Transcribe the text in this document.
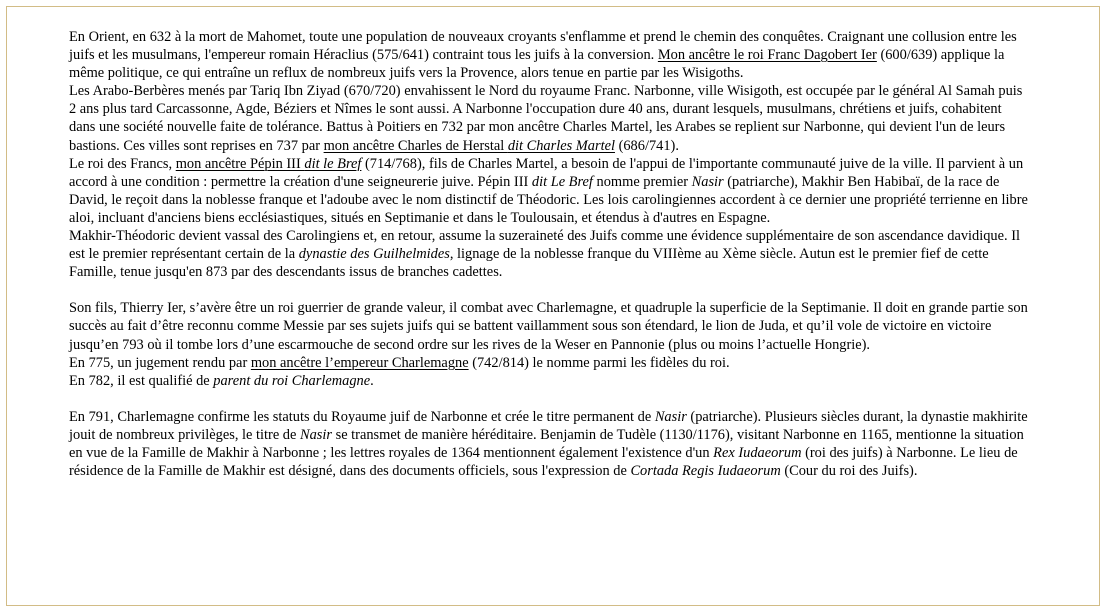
En Orient, en 632 à la mort de Mahomet, toute une population de nouveaux croyants s'enflamme et prend le chemin des conquêtes. Craignant une collusion entre les juifs et les musulmans, l'empereur romain Héraclius (575/641) contraint tous les juifs à la conversion. Mon ancêtre le roi Franc Dagobert Ier (600/639) applique la même politique, ce qui entraîne un reflux de nombreux juifs vers la Provence, alors tenue en partie par les Wisigoths.

Les Arabo-Berbères menés par Tariq Ibn Ziyad (670/720) envahissent le Nord du royaume Franc. Narbonne, ville Wisigoth, est occupée par le général Al Samah puis 2 ans plus tard Carcassonne, Agde, Béziers et Nîmes le sont aussi. A Narbonne l'occupation dure 40 ans, durant lesquels, musulmans, chrétiens et juifs, cohabitent dans une société nouvelle faite de tolérance. Battus à Poitiers en 732 par mon ancêtre Charles Martel, les Arabes se replient sur Narbonne, qui devient l'un de leurs bastions. Ces villes sont reprises en 737 par mon ancêtre Charles de Herstal dit Charles Martel (686/741).

Le roi des Francs, mon ancêtre Pépin III dit le Bref (714/768), fils de Charles Martel, a besoin de l'appui de l'importante communauté juive de la ville. Il parvient à un accord à une condition : permettre la création d'une seigneurerie juive. Pépin III dit Le Bref nomme premier Nasir (patriarche), Makhir Ben Habibaï, de la race de David, le reçoit dans la noblesse franque et l'adoube avec le nom distinctif de Théodoric. Les lois carolingiennes accordent à ce dernier une propriété terrienne en libre aloi, incluant d'anciens biens ecclésiastiques, situés en Septimanie et dans le Toulousain, et étendus à d'autres en Espagne.

Makhir-Théodoric devient vassal des Carolingiens et, en retour, assume la suzeraineté des Juifs comme une évidence supplémentaire de son ascendance davidique. Il est le premier représentant certain de la dynastie des Guilhelmides, lignage de la noblesse franque du VIIIème au Xème siècle. Autun est le premier fief de cette Famille, tenue jusqu'en 873 par des descendants issus de branches cadettes.

Son fils, Thierry Ier, s’avère être un roi guerrier de grande valeur, il combat avec Charlemagne, et quadruple la superficie de la Septimanie. Il doit en grande partie son succès au fait d’être reconnu comme Messie par ses sujets juifs qui se battent vaillamment sous son étendard, le lion de Juda, et qu’il vole de victoire en victoire jusqu’en 793 où il tombe lors d’une escarmouche de second ordre sur les rives de la Weser en Pannonie (plus ou moins l’actuelle Hongrie).

En 775, un jugement rendu par mon ancêtre l’empereur Charlemagne (742/814) le nomme parmi les fidèles du roi.

En 782, il est qualifié de parent du roi Charlemagne.

En 791, Charlemagne confirme les statuts du Royaume juif de Narbonne et crée le titre permanent de Nasir (patriarche). Plusieurs siècles durant, la dynastie makhirite jouit de nombreux privilèges, le titre de Nasir se transmet de manière héréditaire. Benjamin de Tudèle (1130/1176), visitant Narbonne en 1165, mentionne la situation en vue de la Famille de Makhir à Narbonne ; les lettres royales de 1364 mentionnent également l'existence d'un Rex Iudaeorum (roi des juifs) à Narbonne. Le lieu de résidence de la Famille de Makhir est désigné, dans des documents officiels, sous l'expression de Cortada Regis Iudaeorum (Cour du roi des Juifs).
